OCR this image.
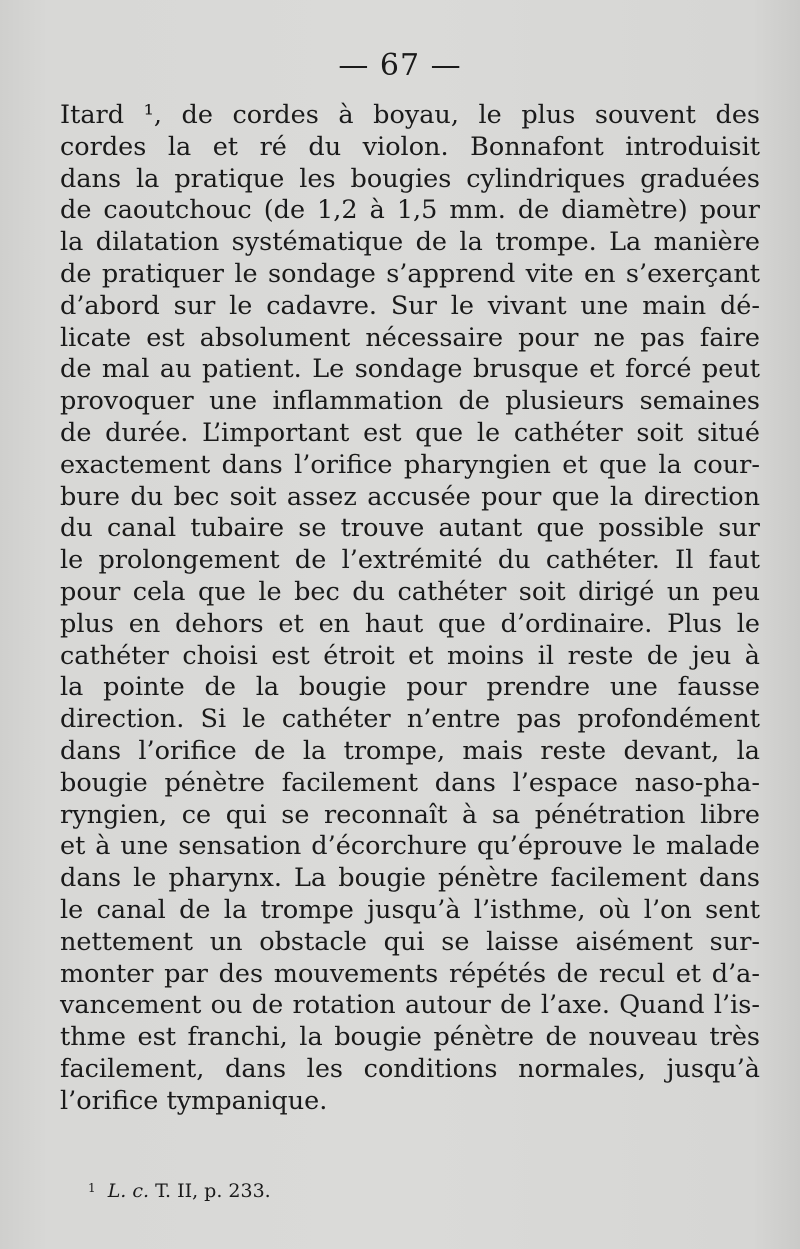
— 67 —
Itard ¹, de cordes à boyau, le plus souvent des
cordes la et ré du violon. Bonnafont introduisit
dans la pratique les bougies cylindriques graduées
de caoutchouc (de 1,2 à 1,5 mm. de diamètre) pour
la dilatation systématique de la trompe. La manière
de pratiquer le sondage s’apprend vite en s’exerçant
d’abord sur le cadavre. Sur le vivant une main dé-
licate est absolument nécessaire pour ne pas faire
de mal au patient. Le sondage brusque et forcé peut
provoquer une inflammation de plusieurs semaines
de durée. L’important est que le cathéter soit situé
exactement dans l’orifice pharyngien et que la cour-
bure du bec soit assez accusée pour que la direction
du canal tubaire se trouve autant que possible sur
le prolongement de l’extrémité du cathéter. Il faut
pour cela que le bec du cathéter soit dirigé un peu
plus en dehors et en haut que d’ordinaire. Plus le
cathéter choisi est étroit et moins il reste de jeu à
la pointe de la bougie pour prendre une fausse
direction. Si le cathéter n’entre pas profondément
dans l’orifice de la trompe, mais reste devant, la
bougie pénètre facilement dans l’espace naso-pha-
ryngien, ce qui se reconnaît à sa pénétration libre
et à une sensation d’écorchure qu’éprouve le malade
dans le pharynx. La bougie pénètre facilement dans
le canal de la trompe jusqu’à l’isthme, où l’on sent
nettement un obstacle qui se laisse aisément sur-
monter par des mouvements répétés de recul et d’a-
vancement ou de rotation autour de l’axe. Quand l’is-
thme est franchi, la bougie pénètre de nouveau très
facilement, dans les conditions normales, jusqu’à
l’orifice tympanique.
$^1$ L. c. T. II, p. 233.
